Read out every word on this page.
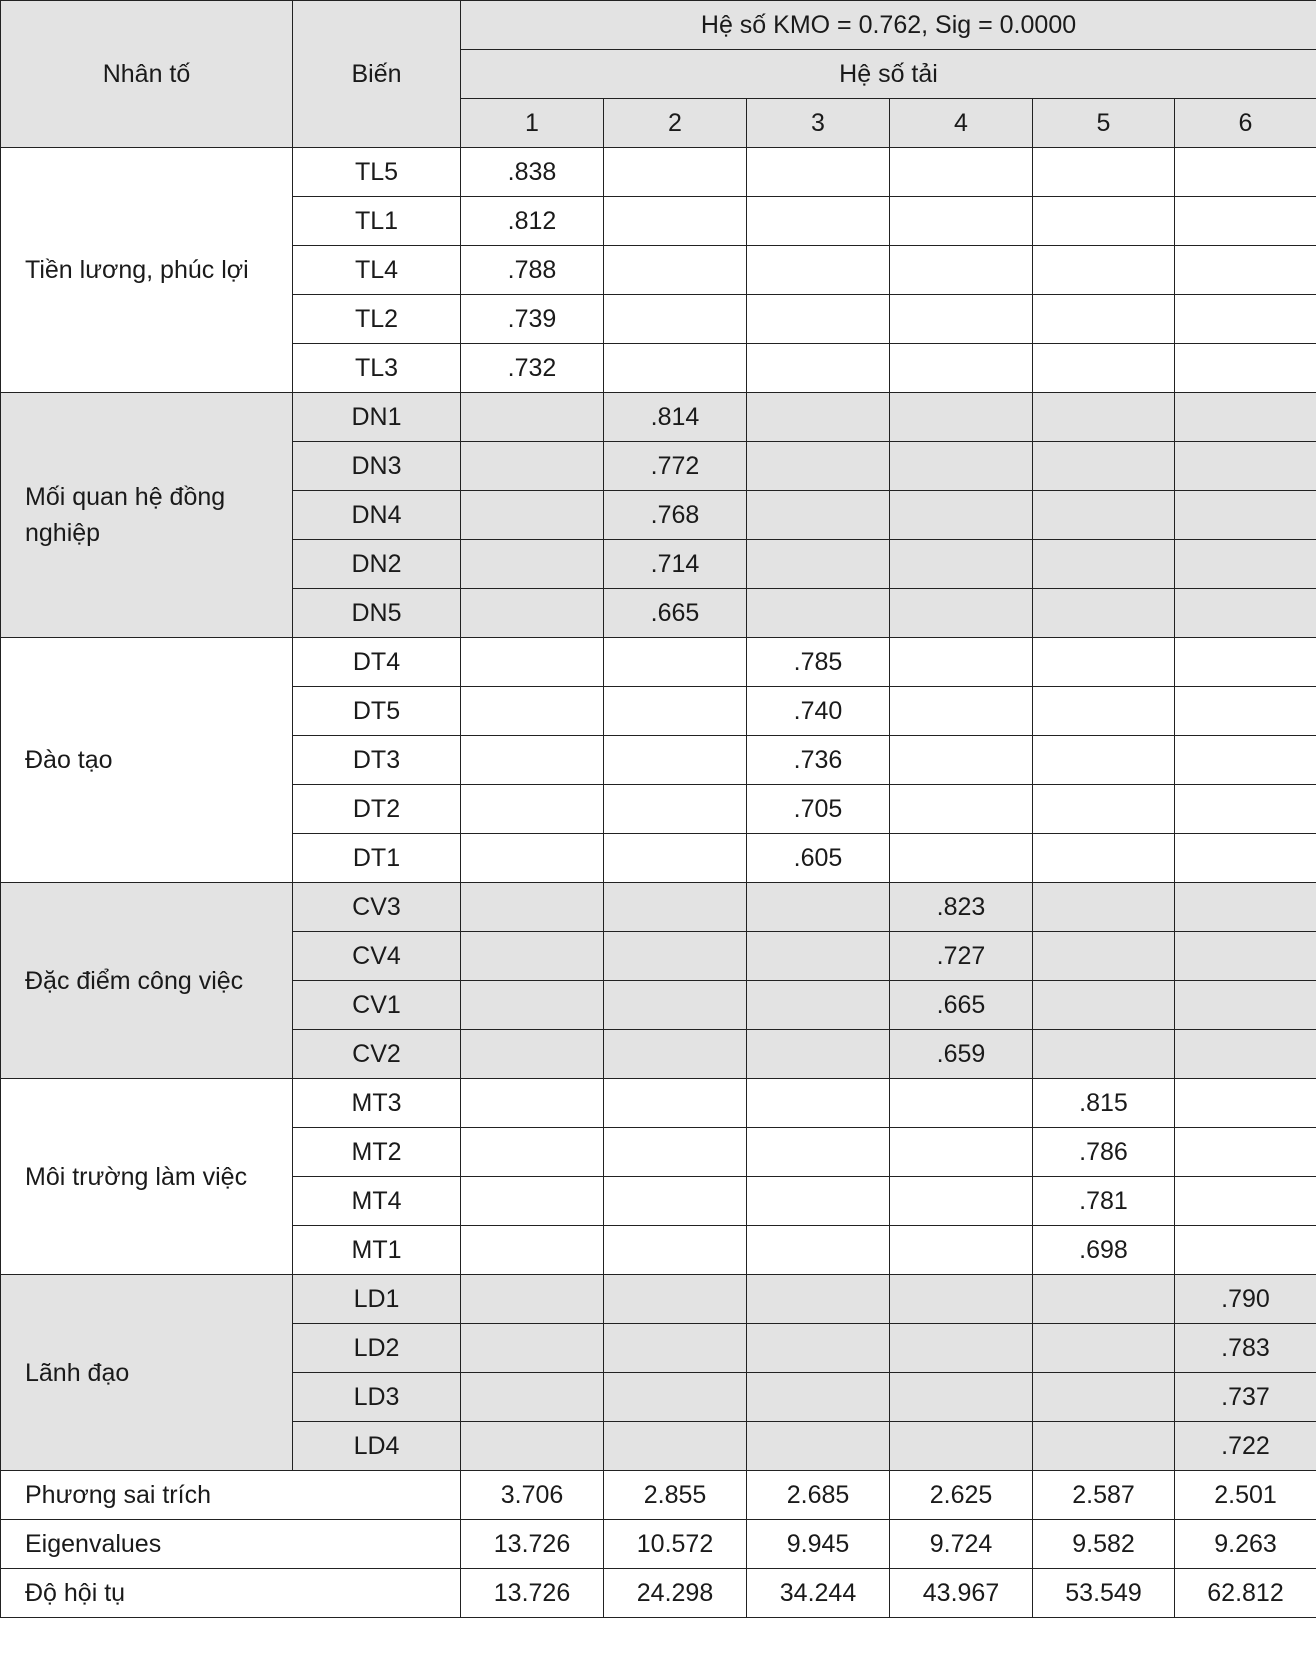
Nhân tố	Biến	Hệ số KMO = 0.762, Sig = 0.0000					
		Hệ số tải					
		1	2	3	4	5	6
Tiền lương, phúc lợi	TL5	.838					
	TL1	.812					
	TL4	.788					
	TL2	.739					
	TL3	.732					
Mối quan hệ đồng nghiệp	DN1		.814				
	DN3		.772				
	DN4		.768				
	DN2		.714				
	DN5		.665				
Đào tạo	DT4			.785			
	DT5			.740			
	DT3			.736			
	DT2			.705			
	DT1			.605			
Đặc điểm công việc	CV3				.823		
	CV4				.727		
	CV1				.665		
	CV2				.659		
Môi trường làm việc	MT3					.815	
	MT2					.786	
	MT4					.781	
	MT1					.698	
Lãnh đạo	LD1						.790
	LD2						.783
	LD3						.737
	LD4						.722
Phương sai trích		3.706	2.855	2.685	2.625	2.587	2.501
Eigenvalues		13.726	10.572	9.945	9.724	9.582	9.263
Độ hội tụ		13.726	24.298	34.244	43.967	53.549	62.812
